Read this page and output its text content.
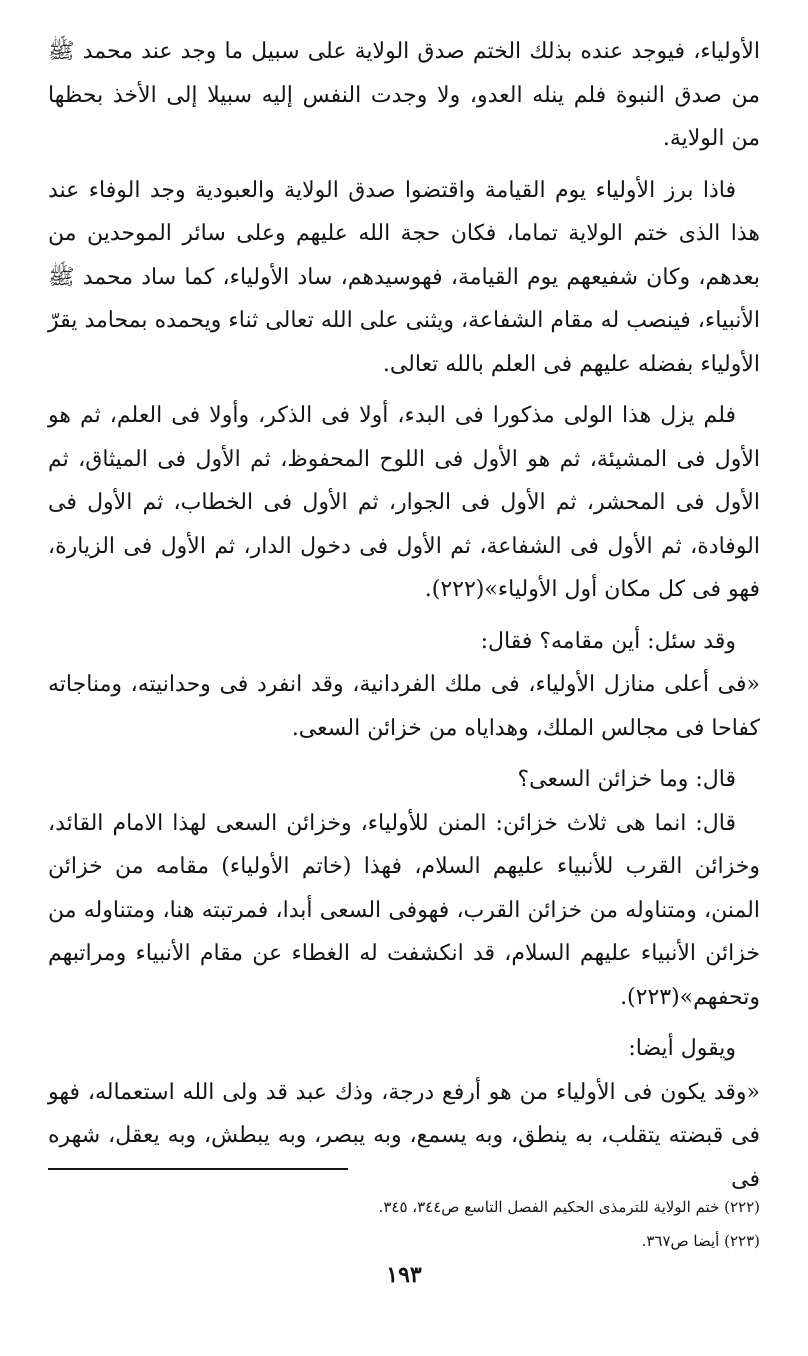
الأولياء، فيوجد عنده بذلك الختم صدق الولاية على سبيل ما وجد عند محمد ﷺ من صدق النبوة فلم ينله العدو، ولا وجدت النفس إليه سبيلا إلى الأخذ بحظها من الولاية.

فاذا برز الأولياء يوم القيامة واقتضوا صدق الولاية والعبودية وجد الوفاء عند هذا الذى ختم الولاية تماما، فكان حجة الله عليهم وعلى سائر الموحدين من بعدهم، وكان شفيعهم يوم القيامة، فهوسيدهم، ساد الأولياء، كما ساد محمد ﷺ الأنبياء، فينصب له مقام الشفاعة، ويثنى على الله تعالى ثناء ويحمده بمحامد يقرّ الأولياء بفضله عليهم فى العلم بالله تعالى.

فلم يزل هذا الولى مذكورا فى البدء، أولا فى الذكر، وأولا فى العلم، ثم هو الأول فى المشيئة، ثم هو الأول فى اللوح المحفوظ، ثم الأول فى الميثاق، ثم الأول فى المحشر، ثم الأول فى الجوار، ثم الأول فى الخطاب، ثم الأول فى الوفادة، ثم الأول فى الشفاعة، ثم الأول فى دخول الدار، ثم الأول فى الزيارة، فهو فى كل مكان أول الأولياء»(٢٢٢).

وقد سئل: أين مقامه؟ فقال:

«فى أعلى منازل الأولياء، فى ملك الفردانية، وقد انفرد فى وحدانيته، ومناجاته كفاحا فى مجالس الملك، وهداياه من خزائن السعى.

قال: وما خزائن السعى؟

قال: انما هى ثلاث خزائن: المنن للأولياء، وخزائن السعى لهذا الامام القائد، وخزائن القرب للأنبياء عليهم السلام، فهذا (خاتم الأولياء) مقامه من خزائن المنن، ومتناوله من خزائن القرب، فهوفى السعى أبدا، فمرتبته هنا، ومتناوله من خزائن الأنبياء عليهم السلام، قد انكشفت له الغطاء عن مقام الأنبياء ومراتبهم وتحفهم»(٢٢٣).

ويقول أيضا:

«وقد يكون فى الأولياء من هو أرفع درجة، وذك عبد قد ولى الله استعماله، فهو فى قبضته يتقلب، به ينطق، وبه يسمع، وبه يبصر، وبه يبطش، وبه يعقل، شهره فى

(٢٢٢) ختم الولاية للترمذى الحكيم الفصل التاسع ص٣٤٤، ٣٤٥.

(٢٢٣) أيضا ص٣٦٧.

١٩٣
